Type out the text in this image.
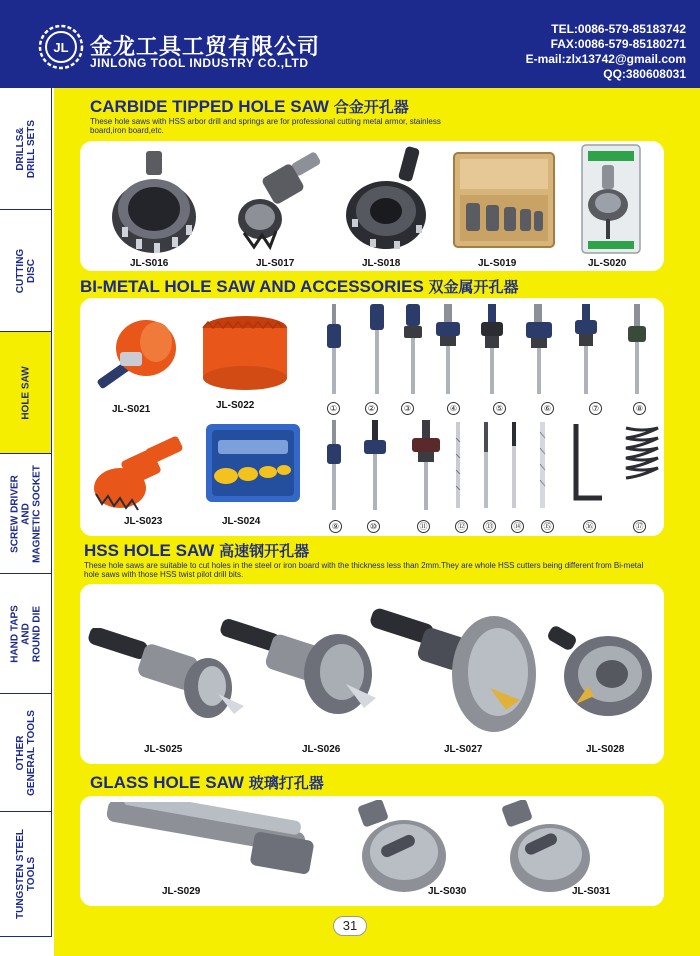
JL 金龙工具工贸有限公司
JINLONG TOOL INDUSTRY CO.,LTD
TEL:0086-579-85183742
FAX:0086-579-85180271
E-mail:zlx13742@gmail.com
QQ:380608031
DRILLS&
DRILL SETS
CUTTING
DISC
HOLE SAW
SCREW DRIVER
AND
MAGNETIC SOCKET
HAND TAPS
AND
ROUND DIE
OTHER
GENERAL TOOLS
TUNGSTEN STEEL
TOOLS
CARBIDE TIPPED HOLE SAW 合金开孔器
These hole saws with HSS arbor drill and springs are for professional cutting metal armor, stainless board,iron board,etc.
JL-S016	JL-S017	JL-S018	JL-S019	JL-S020
BI-METAL HOLE SAW AND ACCESSORIES 双金属开孔器
JL-S021	JL-S022
JL-S023	JL-S024
①	②	③	④	⑤	⑥	⑦	⑧
⑨	⑩	⑪	⑫	⑬	⑭	⑮	⑯	⑰
HSS HOLE SAW 高速钢开孔器
These hole saws are suitable to cut holes in the steel or iron board with the thickness less than 2mm.They are whole HSS cutters being different from Bi-metal hole saws with those HSS twist pilot drill bits.
JL-S025	JL-S026	JL-S027	JL-S028
GLASS HOLE SAW 玻璃打孔器
JL-S029	JL-S030	JL-S031
31
